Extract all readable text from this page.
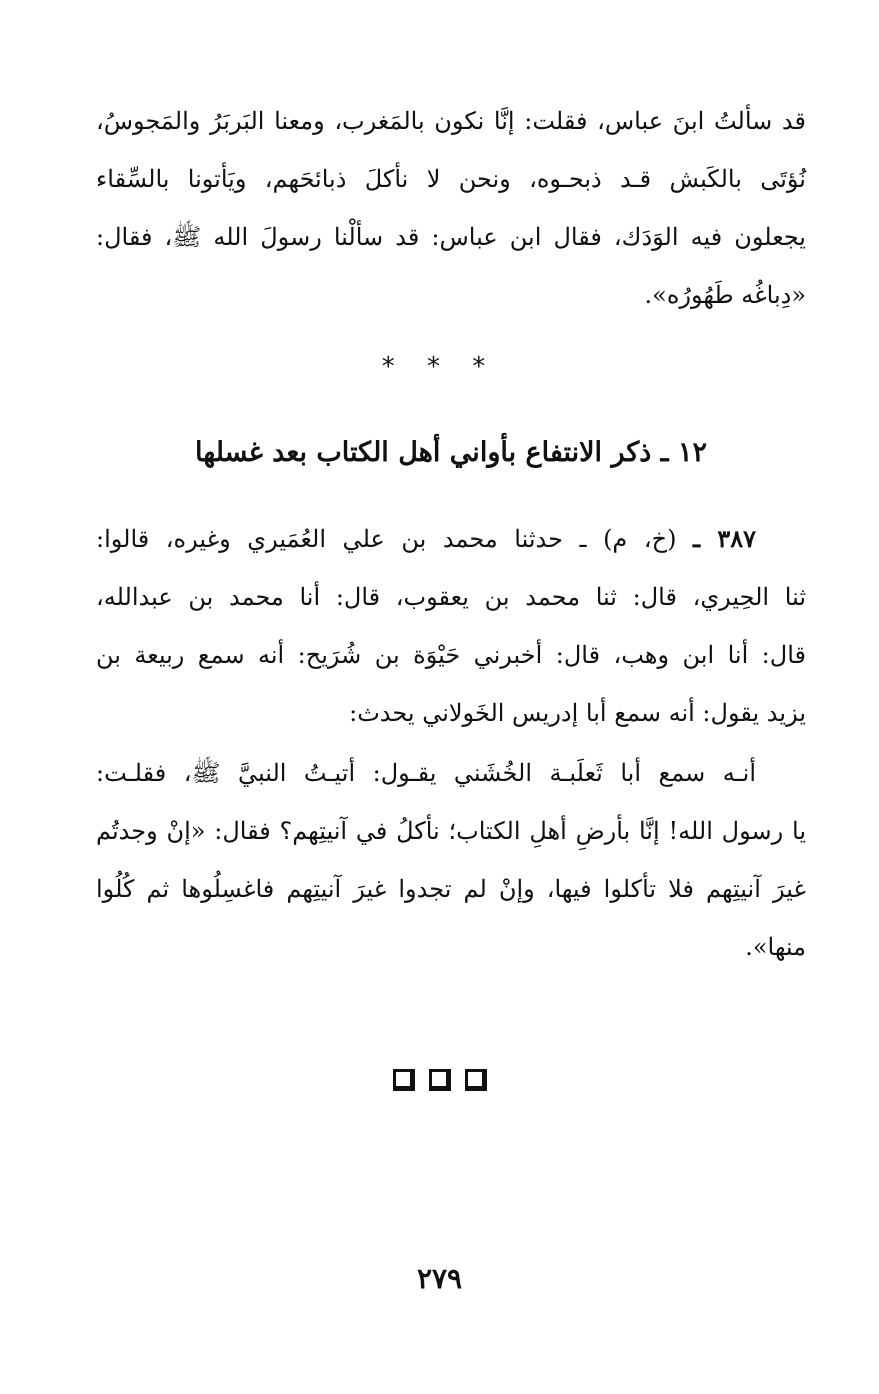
قد سألتُ ابنَ عباس، فقلت: إنَّا نكون بالمَغرب، ومعنا البَربَرُ والمَجوسُ،
نُؤتَى بالكَبش قـد ذبحـوه، ونحن لا نأكلَ ذبائحَهم، ويَأتونا بالسِّقاء
يجعلون فيه الوَدَك، فقال ابن عباس: قد سألْنا رسولَ الله ﷺ، فقال:
«دِباغُه طَهُورُه».
* * *
١٢ ـ ذكر الانتفاع بأواني أهل الكتاب بعد غسلها
٣٨٧ ـ (خ، م) ـ حدثنا محمد بن علي العُمَيري وغيره، قالوا:
ثنا الحِيري، قال: ثنا محمد بن يعقوب، قال: أنا محمد بن عبدالله،
قال: أنا ابن وهب، قال: أخبرني حَيْوَة بن شُرَيح: أنه سمع ربيعة بن
يزيد يقول: أنه سمع أبا إدريس الخَولاني يحدث:
أنـه سمع أبا ثَعلَبـة الخُشَني يقـول: أتيـتُ النبيَّ ﷺ، فقلـت:
يا رسول الله! إنَّا بأرضِ أهلِ الكتاب؛ نأكلُ في آنيتِهم؟ فقال: «إنْ وجدتُم
غيرَ آنيتِهم فلا تأكلوا فيها، وإنْ لم تجدوا غيرَ آنيتِهم فاغسِلُوها ثم كُلُوا
منها».
٢٧٩
